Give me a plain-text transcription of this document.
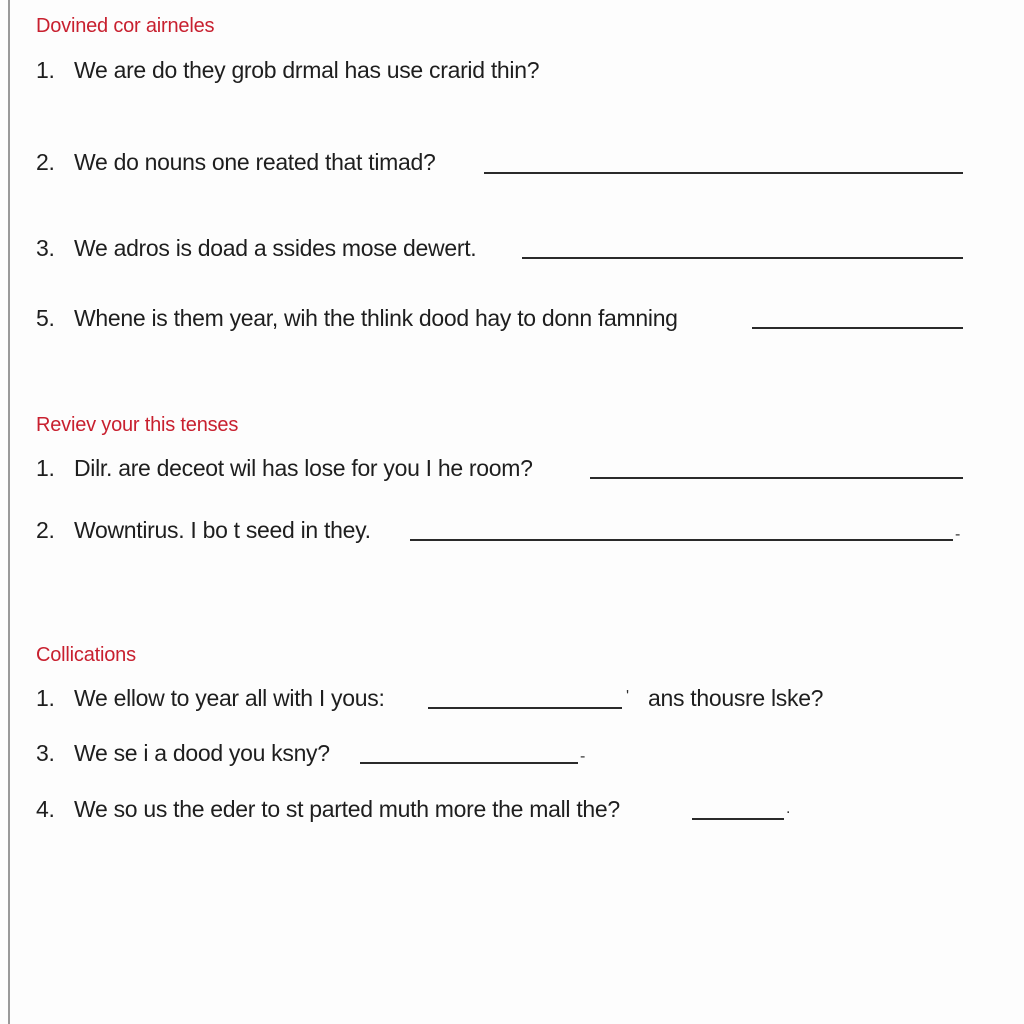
Dovined cor airneles
1. We are do they grob drmal has use crarid thin?
2. We do nouns one reated that timad?
3. We adros is doad a ssides mose dewert.
5. Whene is them year, wih the thlink dood hay to donn famning
Reviev your this tenses
1. Dilr. are deceot wil has lose for you I he room?
2. Wowntirus. I bo t seed in they.	-
Collications
1. We ellow to year all with I yous:	' ans thousre lske?
3. We se i a dood you ksny?	-
4. We so us the eder to st parted muth more the mall the?	.
